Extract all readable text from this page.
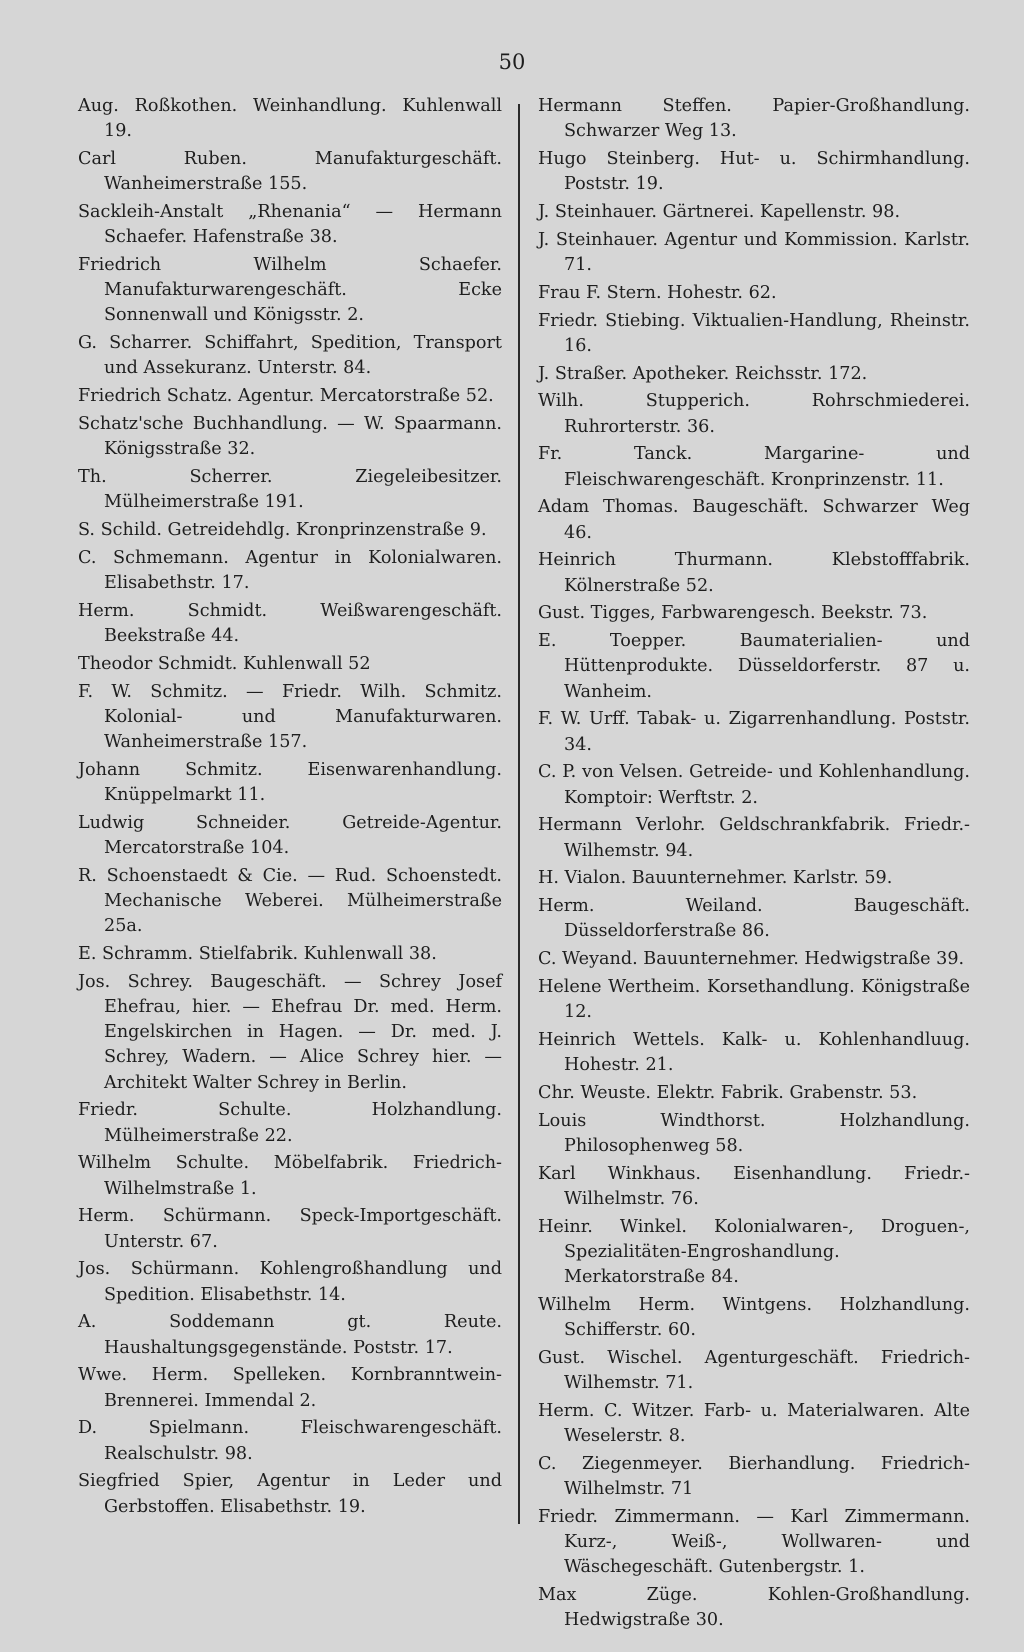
50

Aug. Roßkothen. Weinhandlung. Kuhlenwall 19.

Carl Ruben. Manufakturgeschäft. Wanheimerstraße 155.

Sackleih-Anstalt „Rhenania“ — Hermann Schaefer. Hafenstraße 38.

Friedrich Wilhelm Schaefer. Manufakturwarengeschäft. Ecke Sonnenwall und Königsstr. 2.

G. Scharrer. Schiffahrt, Spedition, Transport und Assekuranz. Unterstr. 84.

Friedrich Schatz. Agentur. Mercatorstraße 52.

Schatz'sche Buchhandlung. — W. Spaarmann. Königsstraße 32.

Th. Scherrer. Ziegeleibesitzer. Mülheimerstraße 191.

S. Schild. Getreidehdlg. Kronprinzenstraße 9.

C. Schmemann. Agentur in Kolonialwaren. Elisabethstr. 17.

Herm. Schmidt. Weißwarengeschäft. Beekstraße 44.

Theodor Schmidt. Kuhlenwall 52

F. W. Schmitz. — Friedr. Wilh. Schmitz. Kolonial- und Manufakturwaren. Wanheimerstraße 157.

Johann Schmitz. Eisenwarenhandlung. Knüppelmarkt 11.

Ludwig Schneider. Getreide-Agentur. Mercatorstraße 104.

R. Schoenstaedt & Cie. — Rud. Schoenstedt. Mechanische Weberei. Mülheimerstraße 25a.

E. Schramm. Stielfabrik. Kuhlenwall 38.

Jos. Schrey. Baugeschäft. — Schrey Josef Ehefrau, hier. — Ehefrau Dr. med. Herm. Engelskirchen in Hagen. — Dr. med. J. Schrey, Wadern. — Alice Schrey hier. — Architekt Walter Schrey in Berlin.

Friedr. Schulte. Holzhandlung. Mülheimerstraße 22.

Wilhelm Schulte. Möbelfabrik. Friedrich-Wilhelmstraße 1.

Herm. Schürmann. Speck-Importgeschäft. Unterstr. 67.

Jos. Schürmann. Kohlengroßhandlung und Spedition. Elisabethstr. 14.

A. Soddemann gt. Reute. Haushaltungsgegenstände. Poststr. 17.

Wwe. Herm. Spelleken. Kornbranntwein-Brennerei. Immendal 2.

D. Spielmann. Fleischwarengeschäft. Realschulstr. 98.

Siegfried Spier, Agentur in Leder und Gerbstoffen. Elisabethstr. 19.

Hermann Steffen. Papier-Großhandlung. Schwarzer Weg 13.

Hugo Steinberg. Hut- u. Schirmhandlung. Poststr. 19.

J. Steinhauer. Gärtnerei. Kapellenstr. 98.

J. Steinhauer. Agentur und Kommission. Karlstr. 71.

Frau F. Stern. Hohestr. 62.

Friedr. Stiebing. Viktualien-Handlung, Rheinstr. 16.

J. Straßer. Apotheker. Reichsstr. 172.

Wilh. Stupperich. Rohrschmiederei. Ruhrorterstr. 36.

Fr. Tanck. Margarine- und Fleischwarengeschäft. Kronprinzenstr. 11.

Adam Thomas. Baugeschäft. Schwarzer Weg 46.

Heinrich Thurmann. Klebstofffabrik. Kölnerstraße 52.

Gust. Tigges, Farbwarengesch. Beekstr. 73.

E. Toepper. Baumaterialien- und Hüttenprodukte. Düsseldorferstr. 87 u. Wanheim.

F. W. Urff. Tabak- u. Zigarrenhandlung. Poststr. 34.

C. P. von Velsen. Getreide- und Kohlenhandlung. Komptoir: Werftstr. 2.

Hermann Verlohr. Geldschrankfabrik. Friedr.-Wilhemstr. 94.

H. Vialon. Bauunternehmer. Karlstr. 59.

Herm. Weiland. Baugeschäft. Düsseldorferstraße 86.

C. Weyand. Bauunternehmer. Hedwigstraße 39.

Helene Wertheim. Korsethandlung. Königstraße 12.

Heinrich Wettels. Kalk- u. Kohlenhandluug. Hohestr. 21.

Chr. Weuste. Elektr. Fabrik. Grabenstr. 53.

Louis Windthorst. Holzhandlung. Philosophenweg 58.

Karl Winkhaus. Eisenhandlung. Friedr.-Wilhelmstr. 76.

Heinr. Winkel. Kolonialwaren-, Droguen-, Spezialitäten-Engroshandlung. Merkatorstraße 84.

Wilhelm Herm. Wintgens. Holzhandlung. Schifferstr. 60.

Gust. Wischel. Agenturgeschäft. Friedrich-Wilhemstr. 71.

Herm. C. Witzer. Farb- u. Materialwaren. Alte Weselerstr. 8.

C. Ziegenmeyer. Bierhandlung. Friedrich-Wilhelmstr. 71

Friedr. Zimmermann. — Karl Zimmermann. Kurz-, Weiß-, Wollwaren- und Wäschegeschäft. Gutenbergstr. 1.

Max Züge. Kohlen-Großhandlung. Hedwigstraße 30.
